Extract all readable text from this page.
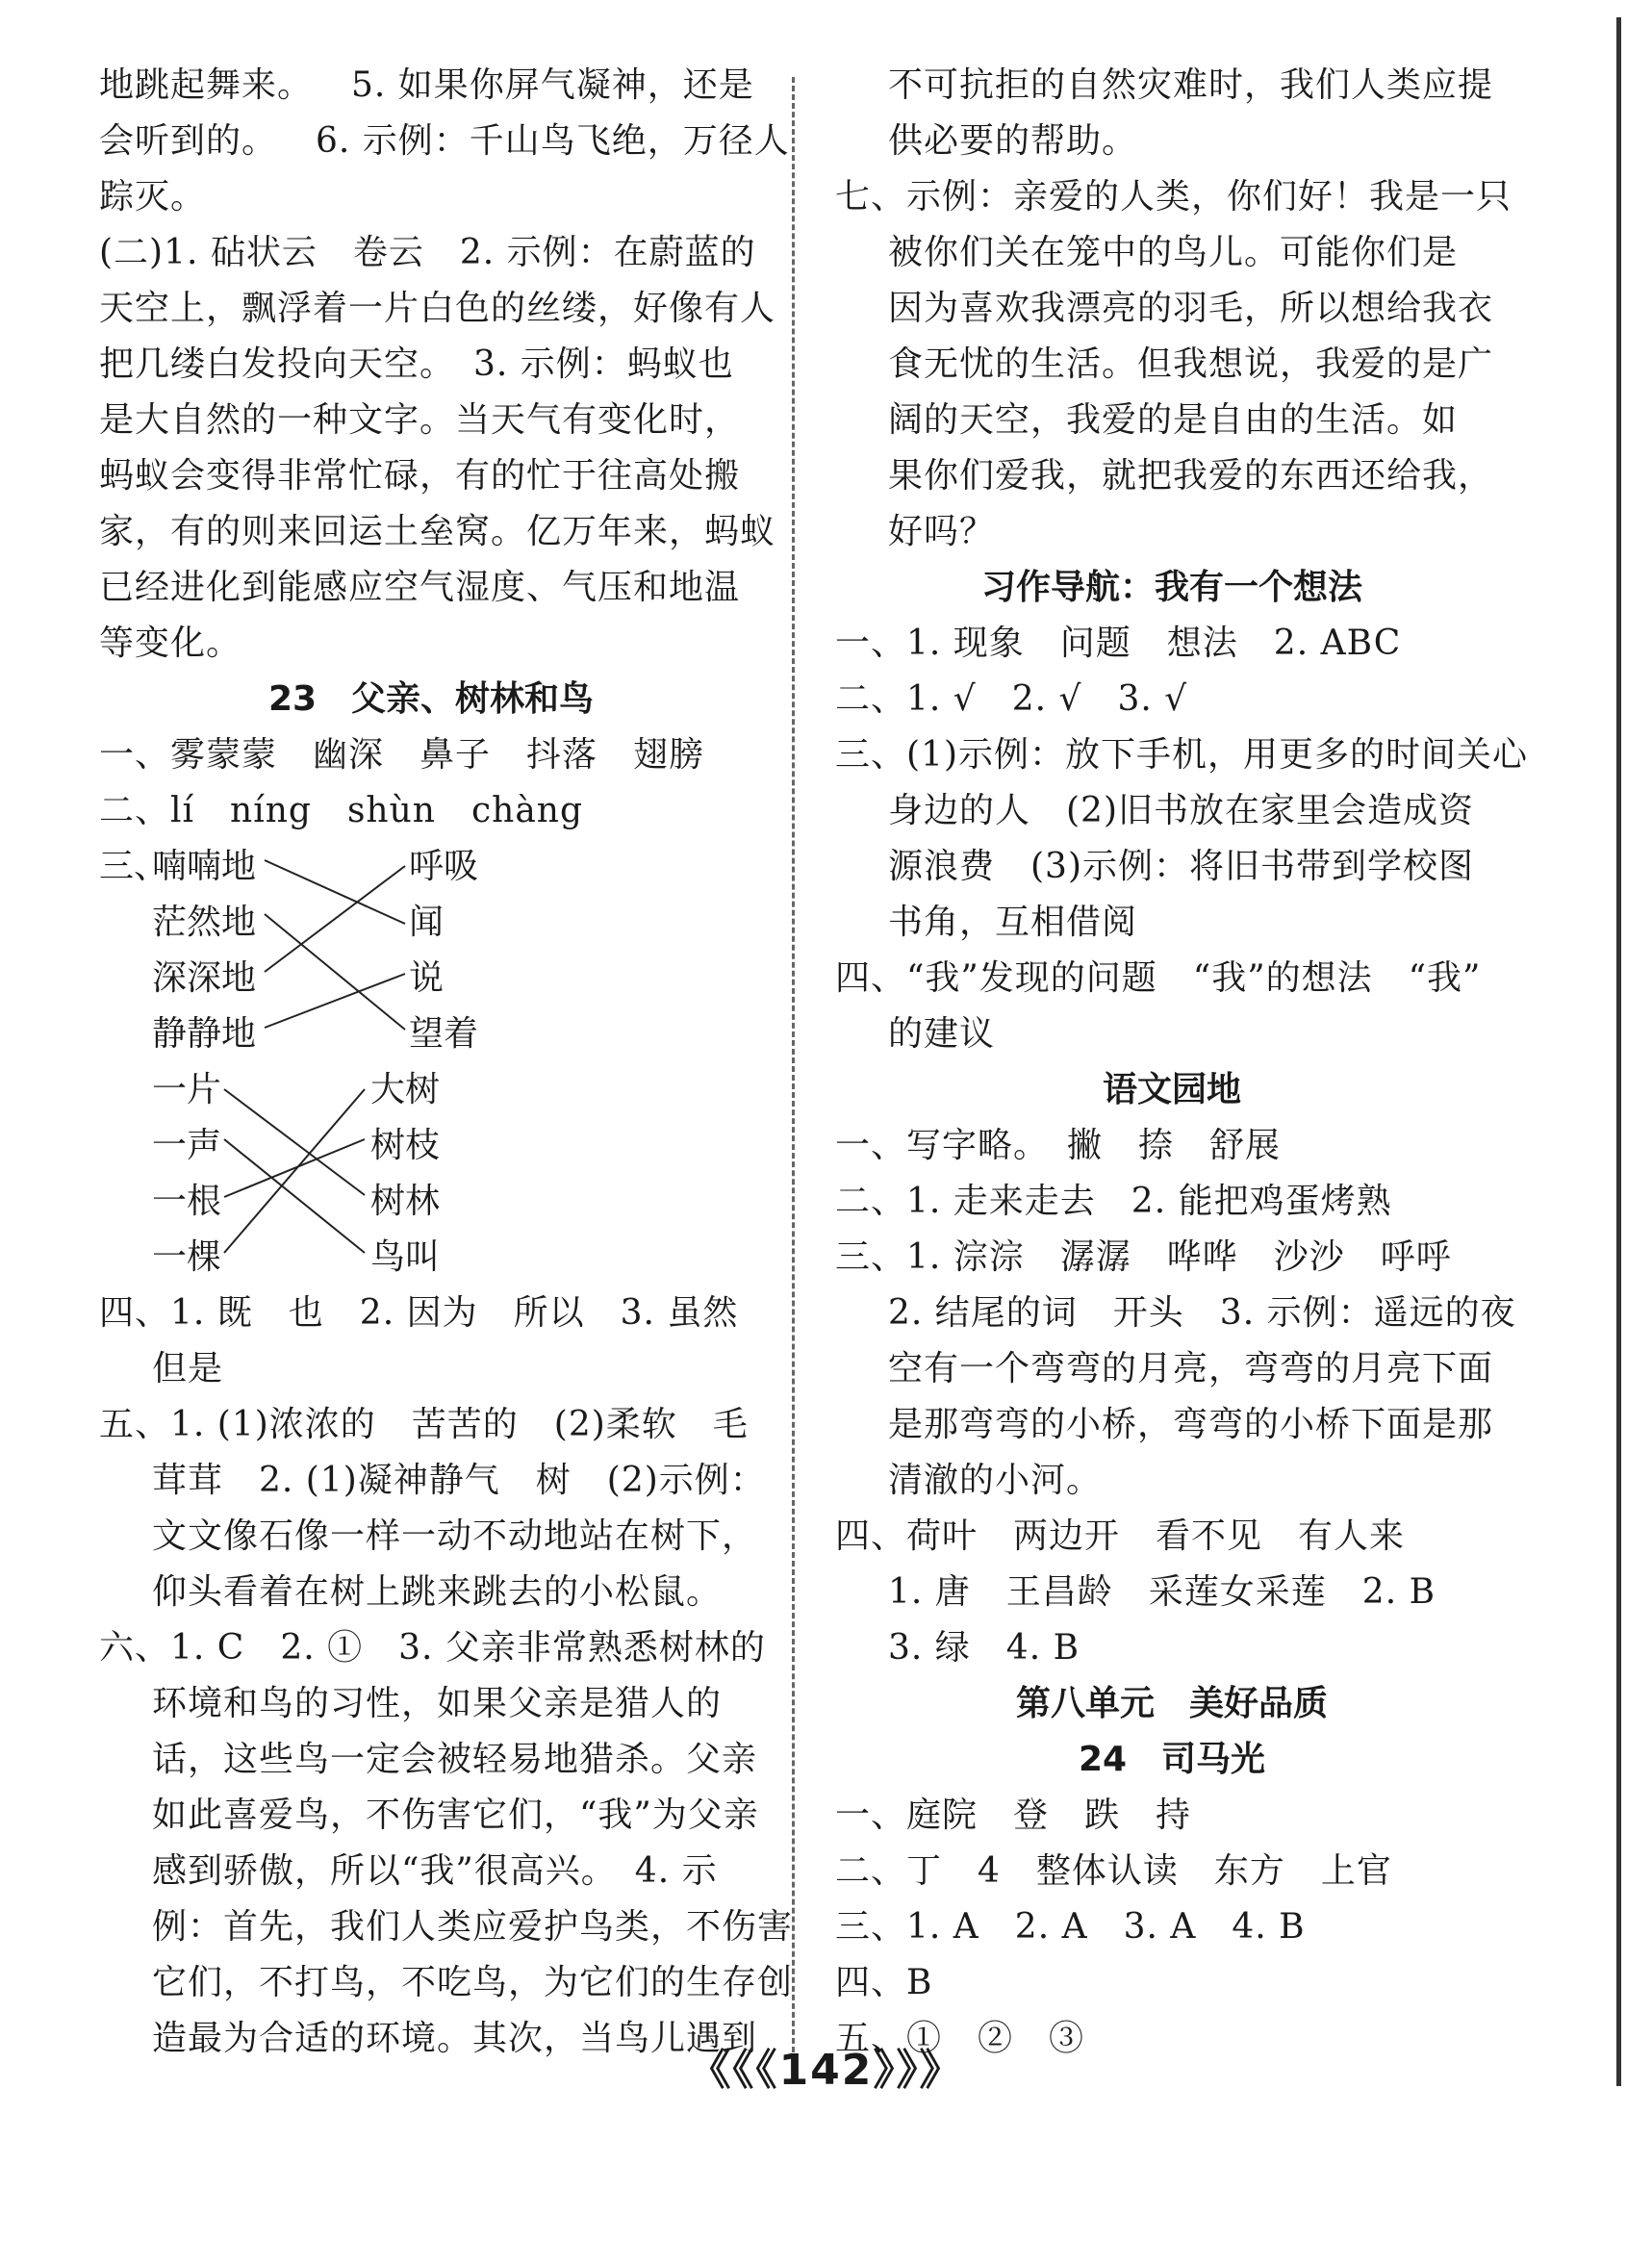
地跳起舞来。 5. 如果你屏气凝神，还是

会听到的。 6. 示例：千山鸟飞绝，万径人

踪灭。

(二)1. 砧状云　卷云　2. 示例：在蔚蓝的

天空上，飘浮着一片白色的丝缕，好像有人

把几缕白发投向天空。　3. 示例：蚂蚁也

是大自然的一种文字。当天气有变化时，

蚂蚁会变得非常忙碌，有的忙于往高处搬

家，有的则来回运土垒窝。亿万年来，蚂蚁

已经进化到能感应空气湿度、气压和地温

等变化。

23　父亲、树林和鸟

一、雾蒙蒙　幽深　鼻子　抖落　翅膀

二、lí　níng　shùn　chàng

三、
喃喃地
茫然地
深深地
静静地
呼吸
闻
说
望着
一片
一声
一根
一棵
大树
树枝
树林
鸟叫

四、1. 既　也　2. 因为　所以　3. 虽然

但是

五、1. (1)浓浓的　苦苦的　(2)柔软　毛

茸茸　2. (1)凝神静气　树　(2)示例：

文文像石像一样一动不动地站在树下，

仰头看着在树上跳来跳去的小松鼠。

六、1. C　2. ①　3. 父亲非常熟悉树林的

环境和鸟的习性，如果父亲是猎人的

话，这些鸟一定会被轻易地猎杀。父亲

如此喜爱鸟，不伤害它们，“我”为父亲

感到骄傲，所以“我”很高兴。　4. 示

例：首先，我们人类应爱护鸟类，不伤害

它们，不打鸟，不吃鸟，为它们的生存创

造最为合适的环境。其次，当鸟儿遇到

不可抗拒的自然灾难时，我们人类应提

供必要的帮助。

七、示例：亲爱的人类，你们好！我是一只

被你们关在笼中的鸟儿。可能你们是

因为喜欢我漂亮的羽毛，所以想给我衣

食无忧的生活。但我想说，我爱的是广

阔的天空，我爱的是自由的生活。如

果你们爱我，就把我爱的东西还给我，

好吗？

习作导航：我有一个想法

一、1. 现象　问题　想法　2. ABC

二、1. √　2. √　3. √

三、(1)示例：放下手机，用更多的时间关心

身边的人　(2)旧书放在家里会造成资

源浪费　(3)示例：将旧书带到学校图

书角，互相借阅

四、“我”发现的问题　“我”的想法　“我”

的建议

语文园地

一、写字略。　撇　捺　舒展

二、1. 走来走去　2. 能把鸡蛋烤熟

三、1. 淙淙　潺潺　哗哗　沙沙　呼呼

2. 结尾的词　开头　3. 示例：遥远的夜

空有一个弯弯的月亮，弯弯的月亮下面

是那弯弯的小桥，弯弯的小桥下面是那

清澈的小河。

四、荷叶　两边开　看不见　有人来

1. 唐　王昌龄　采莲女采莲　2. B

3. 绿　4. B

第八单元　美好品质
24　司马光

一、庭院　登　跌　持

二、丁　4　整体认读　东方　上官

三、1. A　2. A　3. A　4. B

四、B

五、①　②　③

《《《142》》》
